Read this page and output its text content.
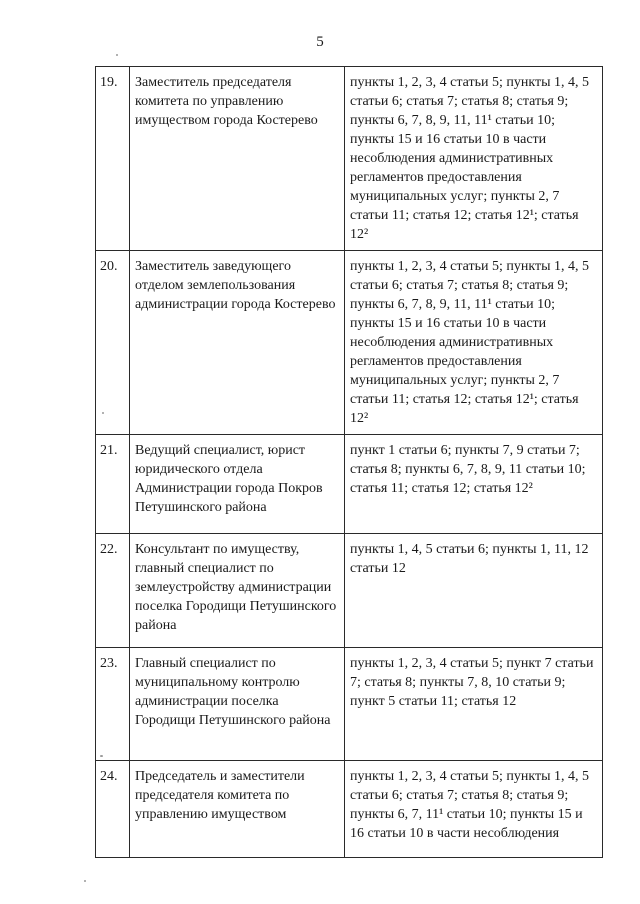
5
19.	Заместитель председателя комитета по управлению имуществом города Костерево	пункты 1, 2, 3, 4 статьи 5; пункты 1, 4, 5 статьи 6; статья 7; статья 8; статья 9; пункты 6, 7, 8, 9, 11, 11¹ статьи 10; пункты 15 и 16 статьи 10 в части несоблюдения административных регламентов предоставления муниципальных услуг; пункты 2, 7 статьи 11; статья 12; статья 12¹; статья 12²
20.	Заместитель заведующего отделом землепользования администрации города Костерево	пункты 1, 2, 3, 4 статьи 5; пункты 1, 4, 5 статьи 6; статья 7; статья 8; статья 9; пункты 6, 7, 8, 9, 11, 11¹ статьи 10; пункты 15 и 16 статьи 10 в части несоблюдения административных регламентов предоставления муниципальных услуг; пункты 2, 7 статьи 11; статья 12; статья 12¹; статья 12²
21.	Ведущий специалист, юрист юридического отдела Администрации города Покров Петушинского района	пункт 1 статьи 6; пункты 7, 9 статьи 7; статья 8; пункты 6, 7, 8, 9, 11 статьи 10; статья 11; статья 12; статья 12²
22.	Консультант по имуществу, главный специалист по землеустройству администрации поселка Городищи Петушинского района	пункты 1, 4, 5 статьи 6; пункты 1, 11, 12 статьи 12
23.	Главный специалист по муниципальному контролю администрации поселка Городищи Петушинского района	пункты 1, 2, 3, 4 статьи 5; пункт 7 статьи 7; статья 8; пункты 7, 8, 10 статьи 9; пункт 5 статьи 11; статья 12
24.	Председатель и заместители председателя комитета по управлению имуществом	пункты 1, 2, 3, 4 статьи 5; пункты 1, 4, 5 статьи 6; статья 7; статья 8; статья 9; пункты 6, 7, 11¹ статьи 10; пункты 15 и 16 статьи 10 в части несоблюдения
